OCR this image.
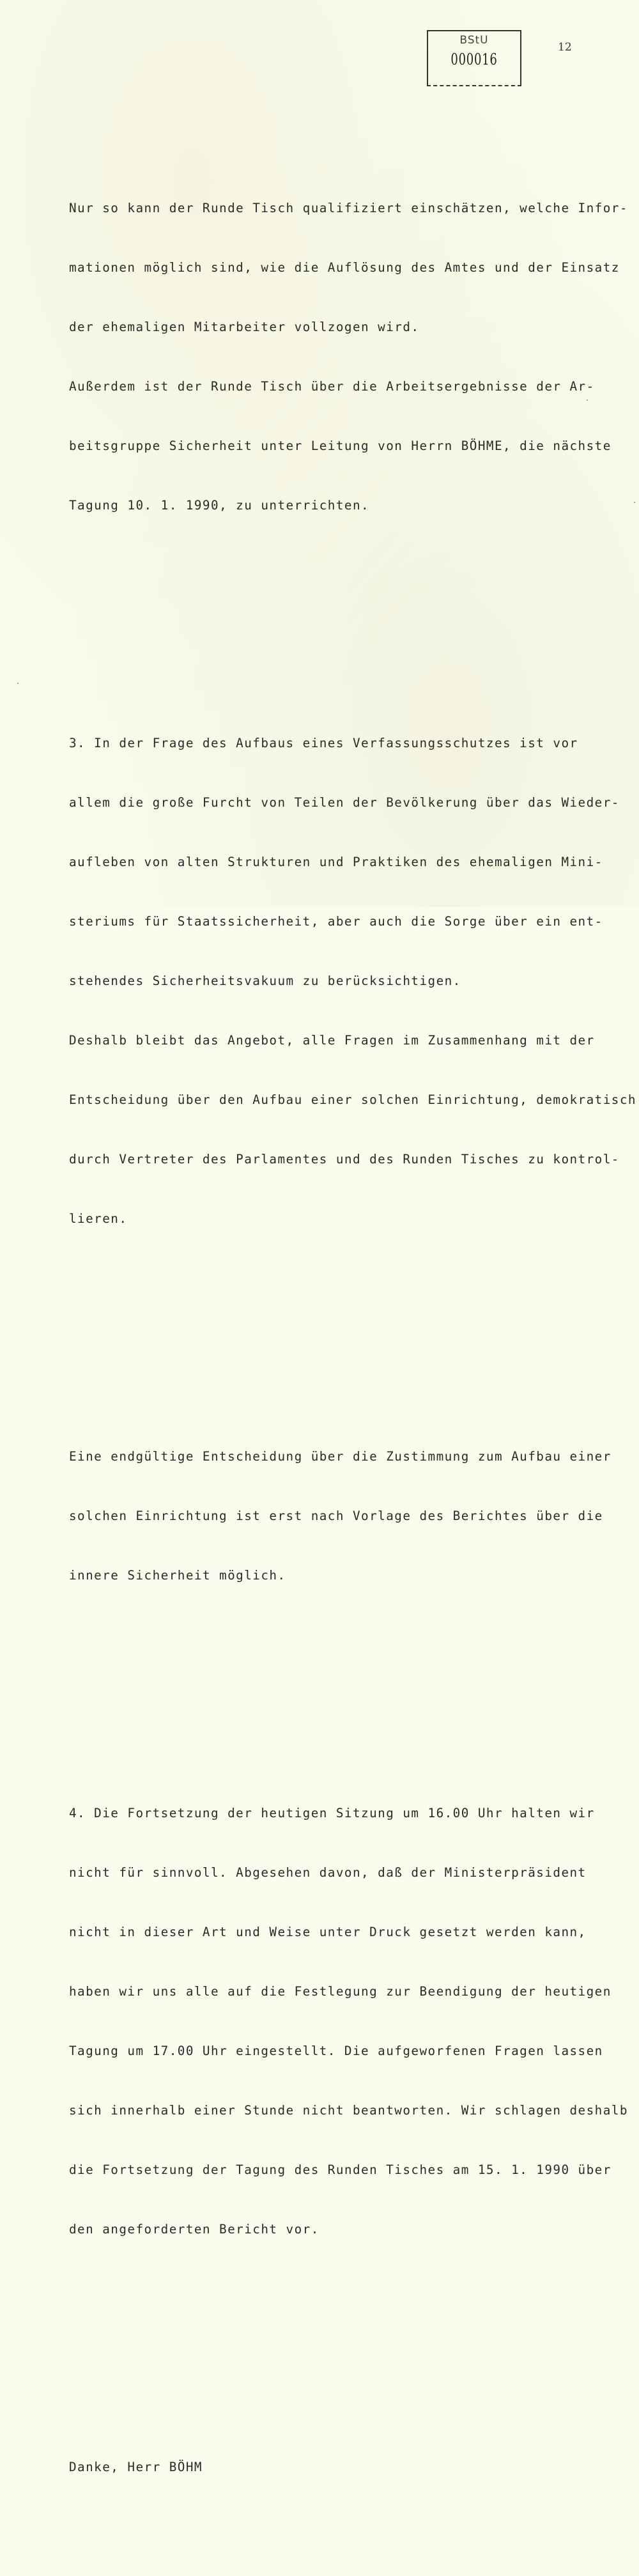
BStU
000016
12

Nur so kann der Runde Tisch qualifiziert einschätzen, welche Infor-

mationen möglich sind, wie die Auflösung des Amtes und der Einsatz

der ehemaligen Mitarbeiter vollzogen wird.

Außerdem ist der Runde Tisch über die Arbeitsergebnisse der Ar-

beitsgruppe Sicherheit unter Leitung von Herrn BÖHME, die nächste

Tagung 10. 1. 1990, zu unterrichten.

3. In der Frage des Aufbaus eines Verfassungsschutzes ist vor

allem die große Furcht von Teilen der Bevölkerung über das Wieder-

aufleben von alten Strukturen und Praktiken des ehemaligen Mini-

steriums für Staatssicherheit, aber auch die Sorge über ein ent-

stehendes Sicherheitsvakuum zu berücksichtigen.

Deshalb bleibt das Angebot, alle Fragen im Zusammenhang mit der

Entscheidung über den Aufbau einer solchen Einrichtung, demokratisch

durch Vertreter des Parlamentes und des Runden Tisches zu kontrol-

lieren.

Eine endgültige Entscheidung über die Zustimmung zum Aufbau einer

solchen Einrichtung ist erst nach Vorlage des Berichtes über die

innere Sicherheit möglich.

4. Die Fortsetzung der heutigen Sitzung um 16.00 Uhr halten wir

nicht für sinnvoll. Abgesehen davon, daß der Ministerpräsident

nicht in dieser Art und Weise unter Druck gesetzt werden kann,

haben wir uns alle auf die Festlegung zur Beendigung der heutigen

Tagung um 17.00 Uhr eingestellt. Die aufgeworfenen Fragen lassen

sich innerhalb einer Stunde nicht beantworten. Wir schlagen deshalb

die Fortsetzung der Tagung des Runden Tisches am 15. 1. 1990 über

den angeforderten Bericht vor.

Danke, Herr BÖHM
